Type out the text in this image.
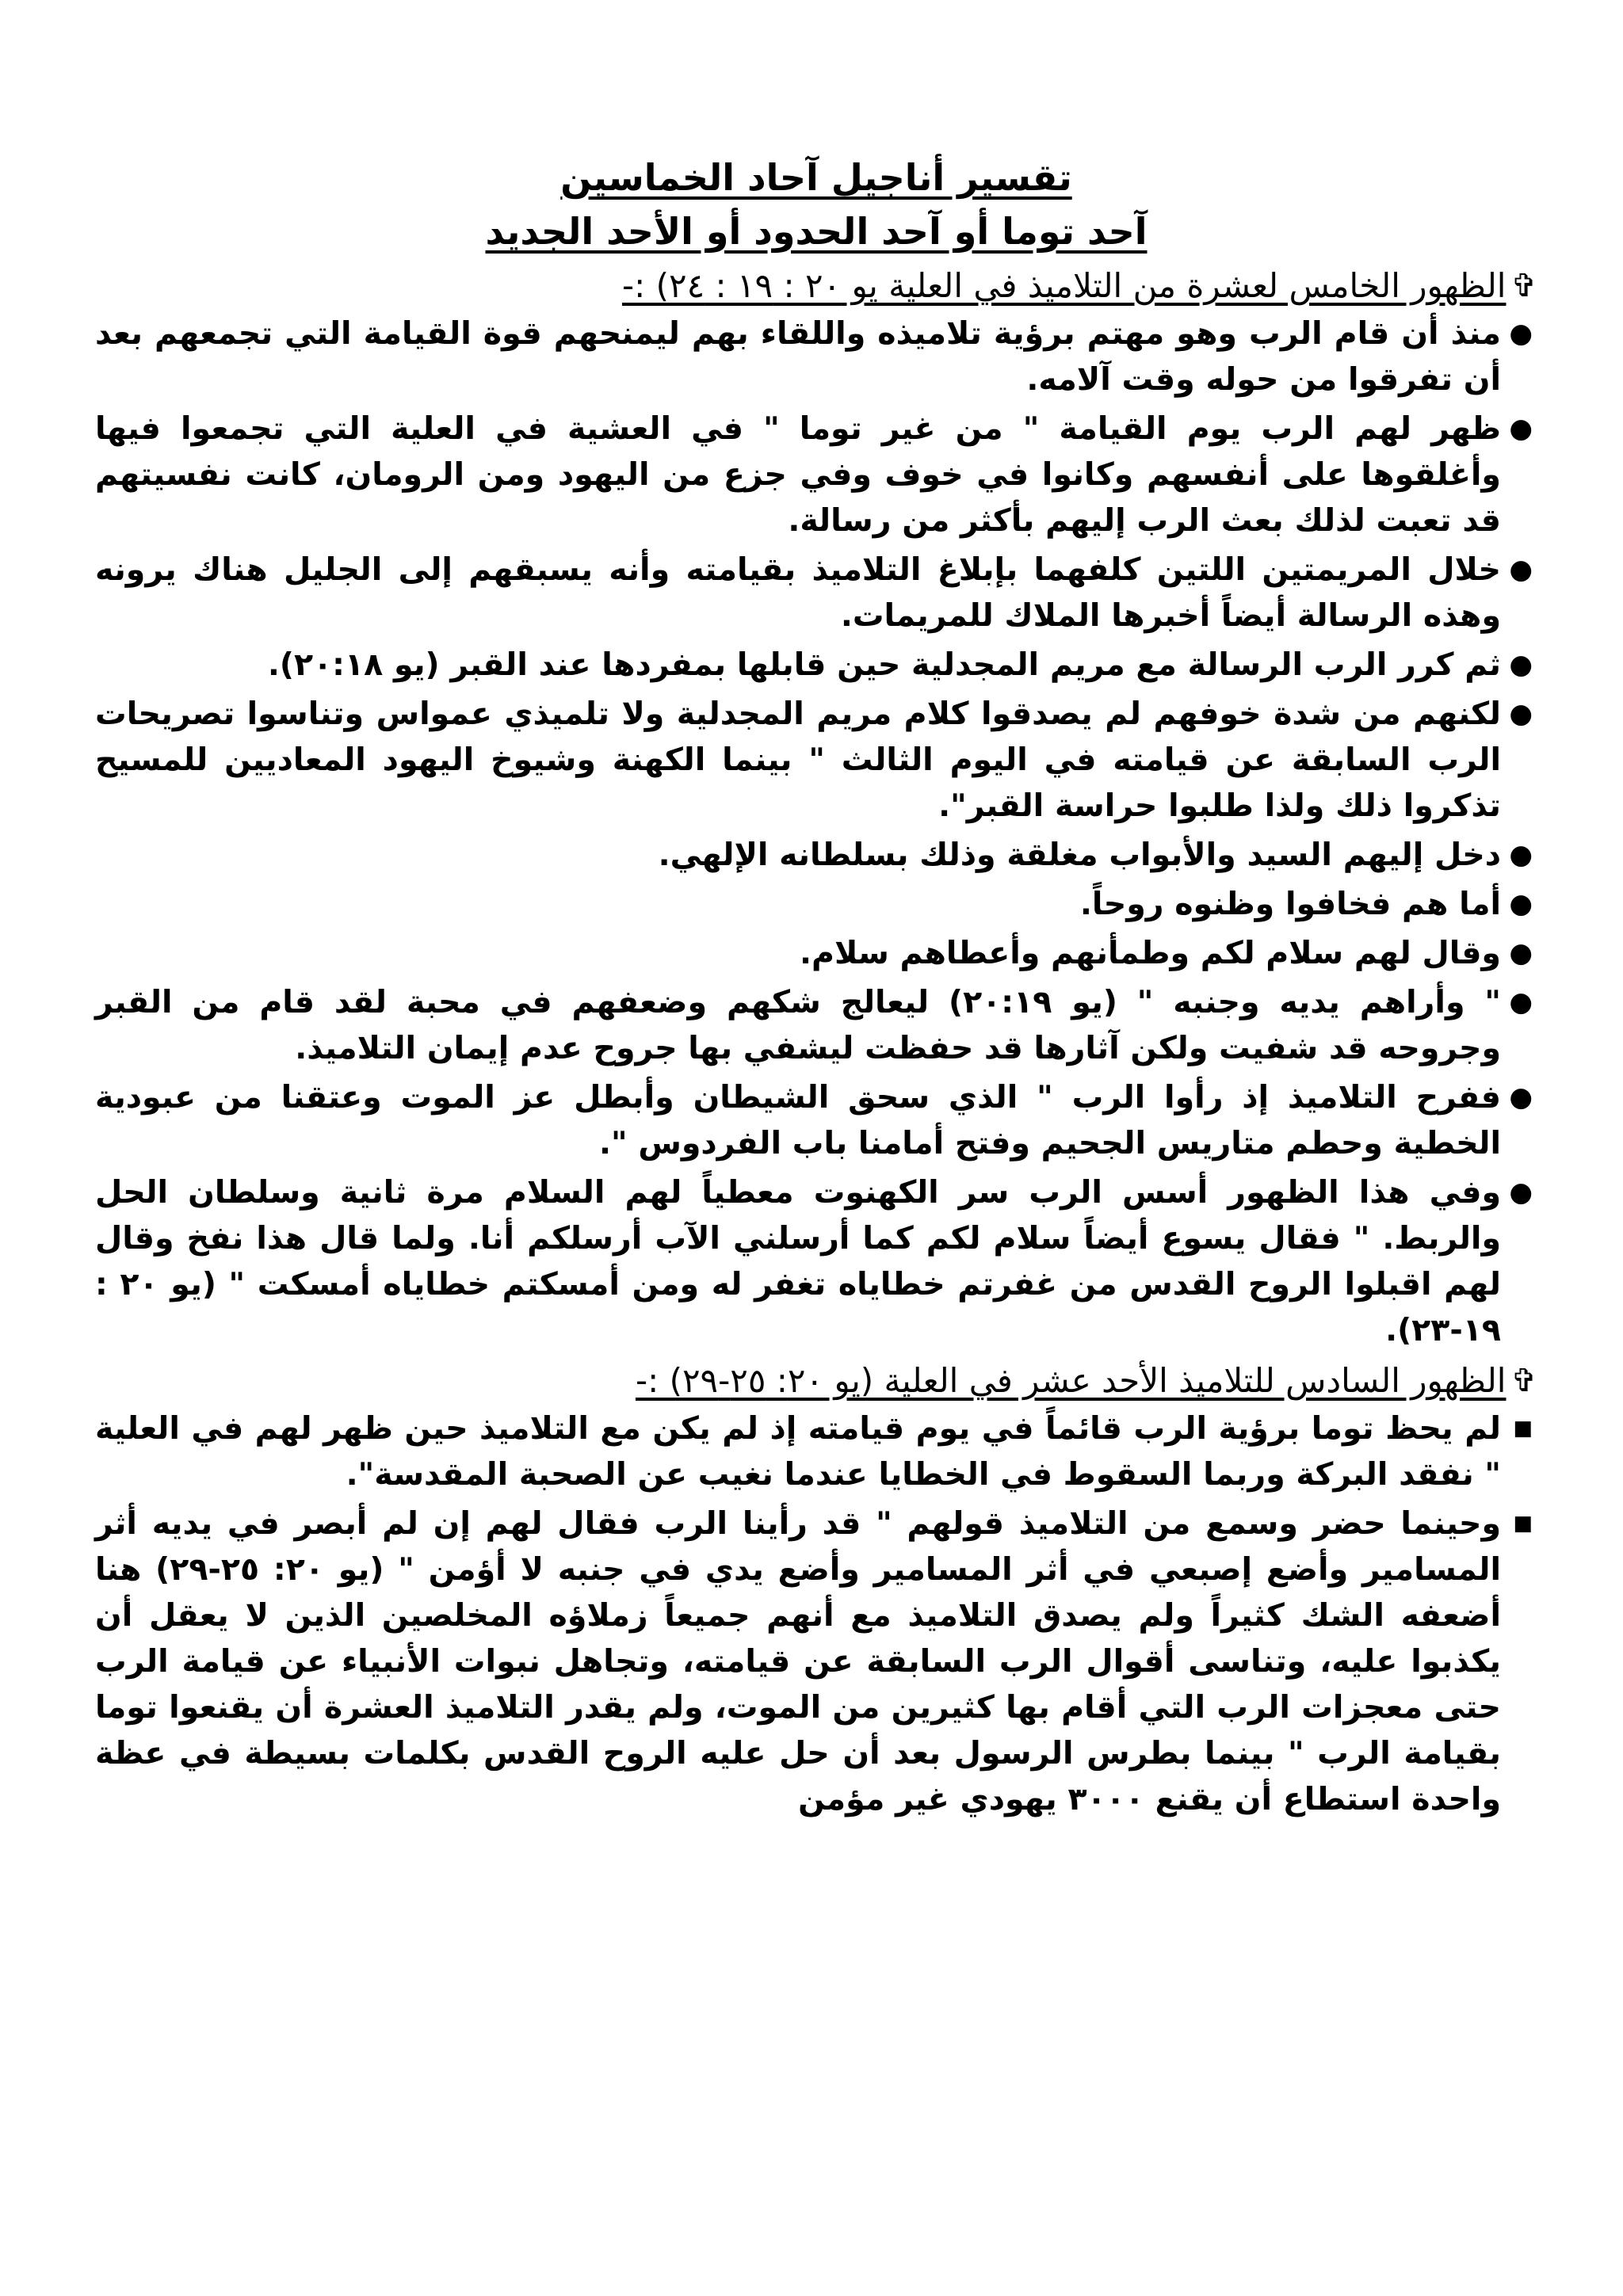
تقسير أناجيل آحاد الخماسين
آحد توما أو آحد الحدود أو الأحد الجديد
✞
الظهور الخامس لعشرة من التلاميذ في العلية يو ٢٠ : ١٩ : ٢٤) :-
●
منذ أن قام الرب وهو مهتم برؤية تلاميذه واللقاء بهم ليمنحهم قوة القيامة التي تجمعهم بعد أن تفرقوا من حوله وقت آلامه.
●
ظهر لهم الرب يوم القيامة " من غير توما " في العشية في العلية التي تجمعوا فيها وأغلقوها على أنفسهم وكانوا في خوف وفي جزع من اليهود ومن الرومان، كانت نفسيتهم قد تعبت لذلك بعث الرب إليهم بأكثر من رسالة.
●
خلال المريمتين اللتين كلفهما بإبلاغ التلاميذ بقيامته وأنه يسبقهم إلى الجليل هناك يرونه وهذه الرسالة أيضاً أخبرها الملاك للمريمات.
●
ثم كرر الرب الرسالة مع مريم المجدلية حين قابلها بمفردها عند القبر (يو ٢٠:١٨).
●
لكنهم من شدة خوفهم لم يصدقوا كلام مريم المجدلية ولا تلميذي عمواس وتناسوا تصريحات الرب السابقة عن قيامته في اليوم الثالث " بينما الكهنة وشيوخ اليهود المعاديين للمسيح تذكروا ذلك ولذا طلبوا حراسة القبر".
●
دخل إليهم السيد والأبواب مغلقة وذلك بسلطانه الإلهي.
●
أما هم فخافوا وظنوه روحاً.
●
وقال لهم سلام لكم وطمأنهم وأعطاهم سلام.
●
" وأراهم يديه وجنبه " (يو ٢٠:١٩) ليعالج شكهم وضعفهم في محبة لقد قام من القبر وجروحه قد شفيت ولكن آثارها قد حفظت ليشفي بها جروح عدم إيمان التلاميذ.
●
ففرح التلاميذ إذ رأوا الرب " الذي سحق الشيطان وأبطل عز الموت وعتقنا من عبودية الخطية وحطم متاريس الجحيم وفتح أمامنا باب الفردوس ".
●
وفي هذا الظهور أسس الرب سر الكهنوت معطياً لهم السلام مرة ثانية وسلطان الحل والربط. " فقال يسوع أيضاً سلام لكم كما أرسلني الآب أرسلكم أنا. ولما قال هذا نفخ وقال لهم اقبلوا الروح القدس من غفرتم خطاياه تغفر له ومن أمسكتم خطاياه أمسكت " (يو ٢٠ : ١٩-٢٣).
✞
الظهور السادس للتلاميذ الأحد عشر في العلية (يو ٢٠: ٢٥-٢٩) :-
■
لم يحظ توما برؤية الرب قائماً في يوم قيامته إذ لم يكن مع التلاميذ حين ظهر لهم في العلية " نفقد البركة وربما السقوط في الخطايا عندما نغيب عن الصحبة المقدسة".
■
وحينما حضر وسمع من التلاميذ قولهم " قد رأينا الرب فقال لهم إن لم أبصر في يديه أثر المسامير وأضع إصبعي في أثر المسامير وأضع يدي في جنبه لا أؤمن " (يو ٢٠: ٢٥-٢٩) هنا أضعفه الشك كثيراً ولم يصدق التلاميذ مع أنهم جميعاً زملاؤه المخلصين الذين لا يعقل أن يكذبوا عليه، وتناسى أقوال الرب السابقة عن قيامته، وتجاهل نبوات الأنبياء عن قيامة الرب حتى معجزات الرب التي أقام بها كثيرين من الموت، ولم يقدر التلاميذ العشرة أن يقنعوا توما بقيامة الرب " بينما بطرس الرسول بعد أن حل عليه الروح القدس بكلمات بسيطة في عظة واحدة استطاع أن يقنع ٣٠٠٠ يهودي غير مؤمن
